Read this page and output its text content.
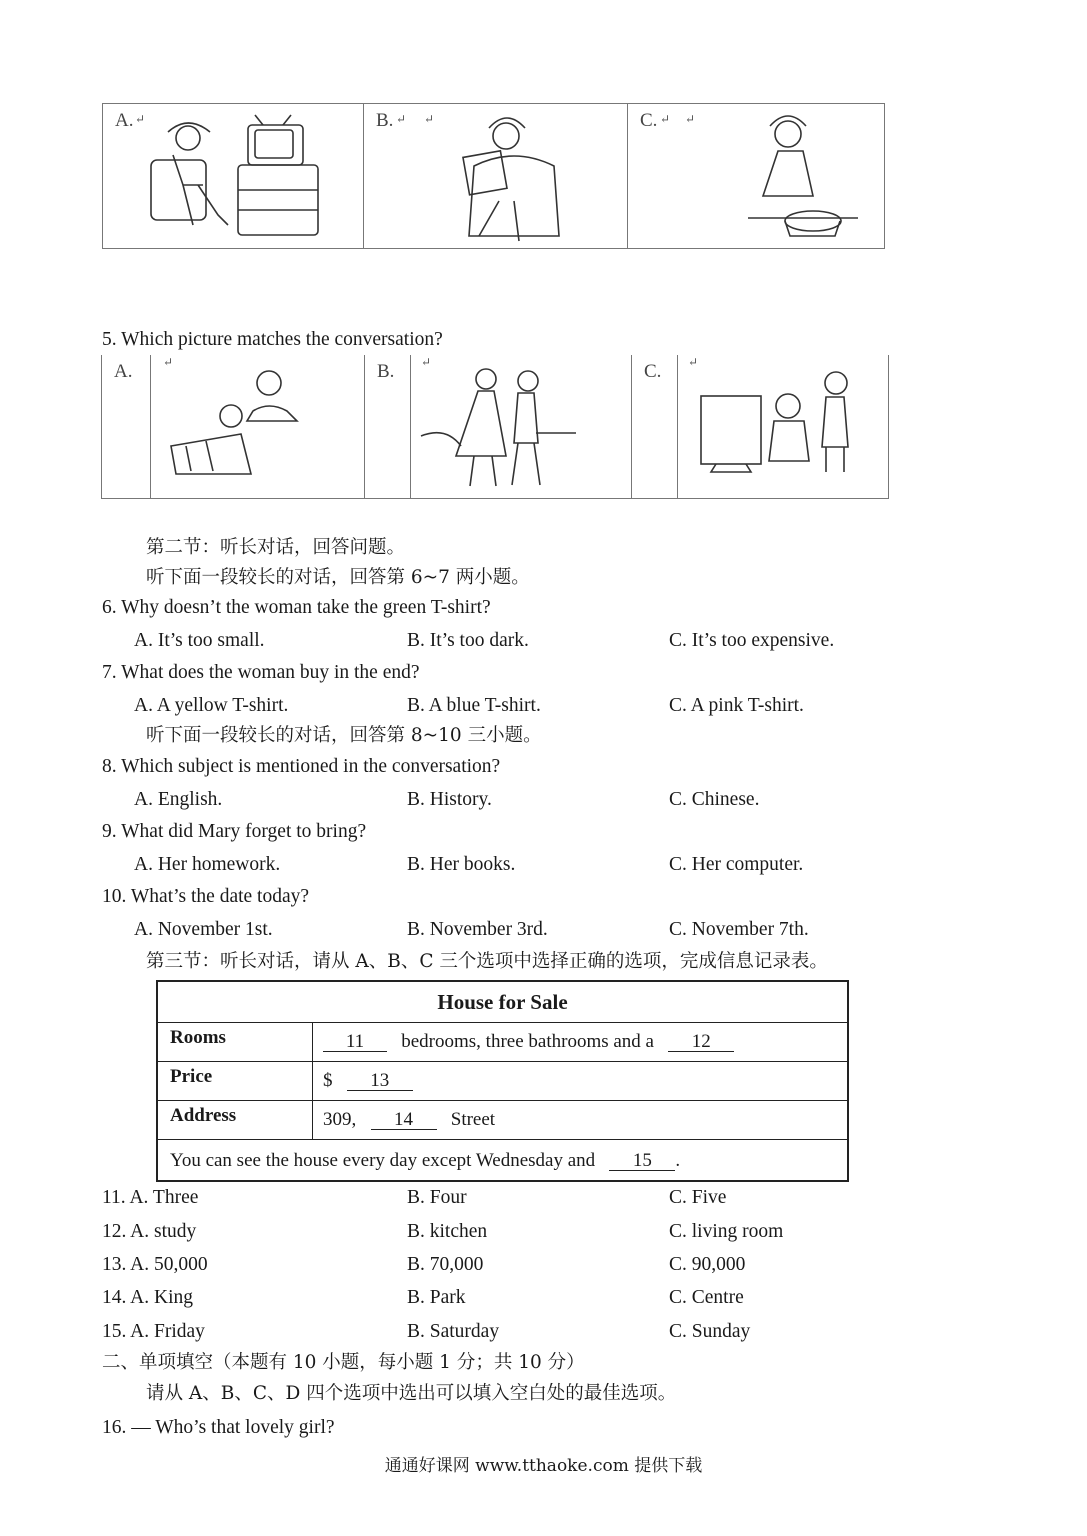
A. ↵	B. ↵ ↵	C. ↵ ↵
5. Which picture matches the conversation?
A.	↵	B. ↵	C. ↵
第二节：听长对话，回答问题。
听下面一段较长的对话，回答第 6~7 两小题。
6. Why doesn’t the woman take the green T-shirt?
A. It’s too small.	B. It’s too dark.	C. It’s too expensive.
7. What does the woman buy in the end?
A. A yellow T-shirt.	B. A blue T-shirt.	C. A pink T-shirt.
听下面一段较长的对话，回答第 8~10 三小题。
8. Which subject is mentioned in the conversation?
A. English.	B. History.	C. Chinese.
9. What did Mary forget to bring?
A. Her homework.	B. Her books.	C. Her computer.
10. What’s the date today?
A. November 1st.	B. November 3rd.	C. November 7th.
第三节：听长对话，请从 A、B、C 三个选项中选择正确的选项，完成信息记录表。
House for Sale
Rooms	11 bedrooms, three bathrooms and a 12
Price	$ 13
Address	309, 14 Street
You can see the house every day except Wednesday and 15 .
11. A. Three	B. Four	C. Five
12. A. study	B. kitchen	C. living room
13. A. 50,000	B. 70,000	C. 90,000
14. A. King	B. Park	C. Centre
15. A. Friday	B. Saturday	C. Sunday
二、单项填空（本题有 10 小题，每小题 1 分；共 10 分）
请从 A、B、C、D 四个选项中选出可以填入空白处的最佳选项。
16. — Who’s that lovely girl?
通通好课网 www.tthaoke.com 提供下载
